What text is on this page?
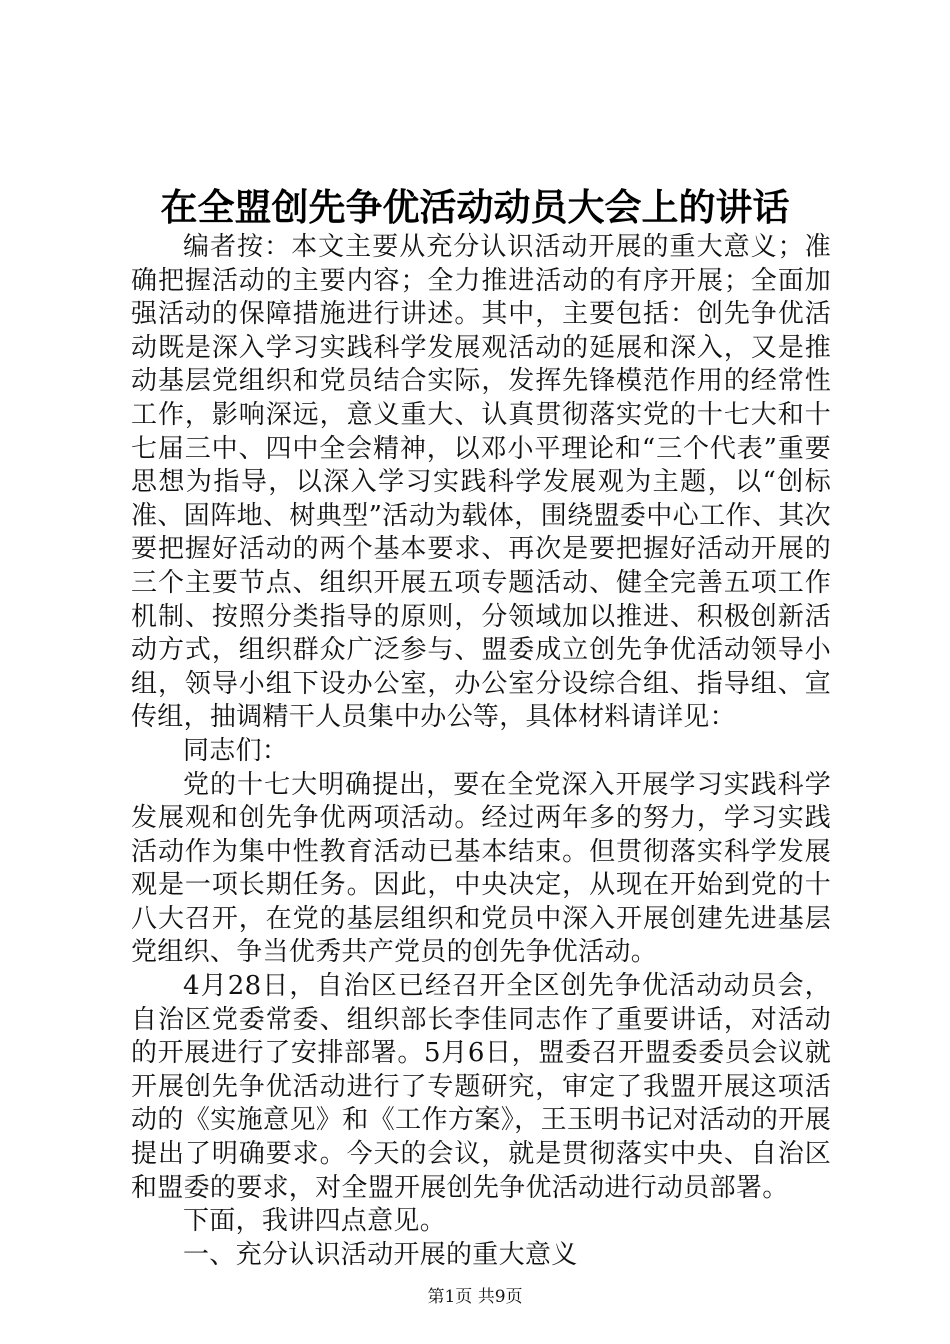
在全盟创先争优活动动员大会上的讲话

编者按：本文主要从充分认识活动开展的重大意义；准确把握活动的主要内容；全力推进活动的有序开展；全面加强活动的保障措施进行讲述。其中，主要包括：创先争优活动既是深入学习实践科学发展观活动的延展和深入，又是推动基层党组织和党员结合实际，发挥先锋模范作用的经常性工作，影响深远，意义重大、认真贯彻落实党的十七大和十七届三中、四中全会精神，以邓小平理论和“三个代表”重要思想为指导，以深入学习实践科学发展观为主题，以“创标准、固阵地、树典型”活动为载体，围绕盟委中心工作、其次要把握好活动的两个基本要求、再次是要把握好活动开展的三个主要节点、组织开展五项专题活动、健全完善五项工作机制、按照分类指导的原则，分领域加以推进、积极创新活动方式，组织群众广泛参与、盟委成立创先争优活动领导小组，领导小组下设办公室，办公室分设综合组、指导组、宣传组，抽调精干人员集中办公等，具体材料请详见：

同志们：

党的十七大明确提出，要在全党深入开展学习实践科学发展观和创先争优两项活动。经过两年多的努力，学习实践活动作为集中性教育活动已基本结束。但贯彻落实科学发展观是一项长期任务。因此，中央决定，从现在开始到党的十八大召开，在党的基层组织和党员中深入开展创建先进基层党组织、争当优秀共产党员的创先争优活动。

4月28日，自治区已经召开全区创先争优活动动员会，自治区党委常委、组织部长李佳同志作了重要讲话，对活动的开展进行了安排部署。5月6日，盟委召开盟委委员会议就开展创先争优活动进行了专题研究，审定了我盟开展这项活动的《实施意见》和《工作方案》，王玉明书记对活动的开展提出了明确要求。今天的会议，就是贯彻落实中央、自治区和盟委的要求，对全盟开展创先争优活动进行动员部署。

下面，我讲四点意见。

一、充分认识活动开展的重大意义

第1页 共9页
